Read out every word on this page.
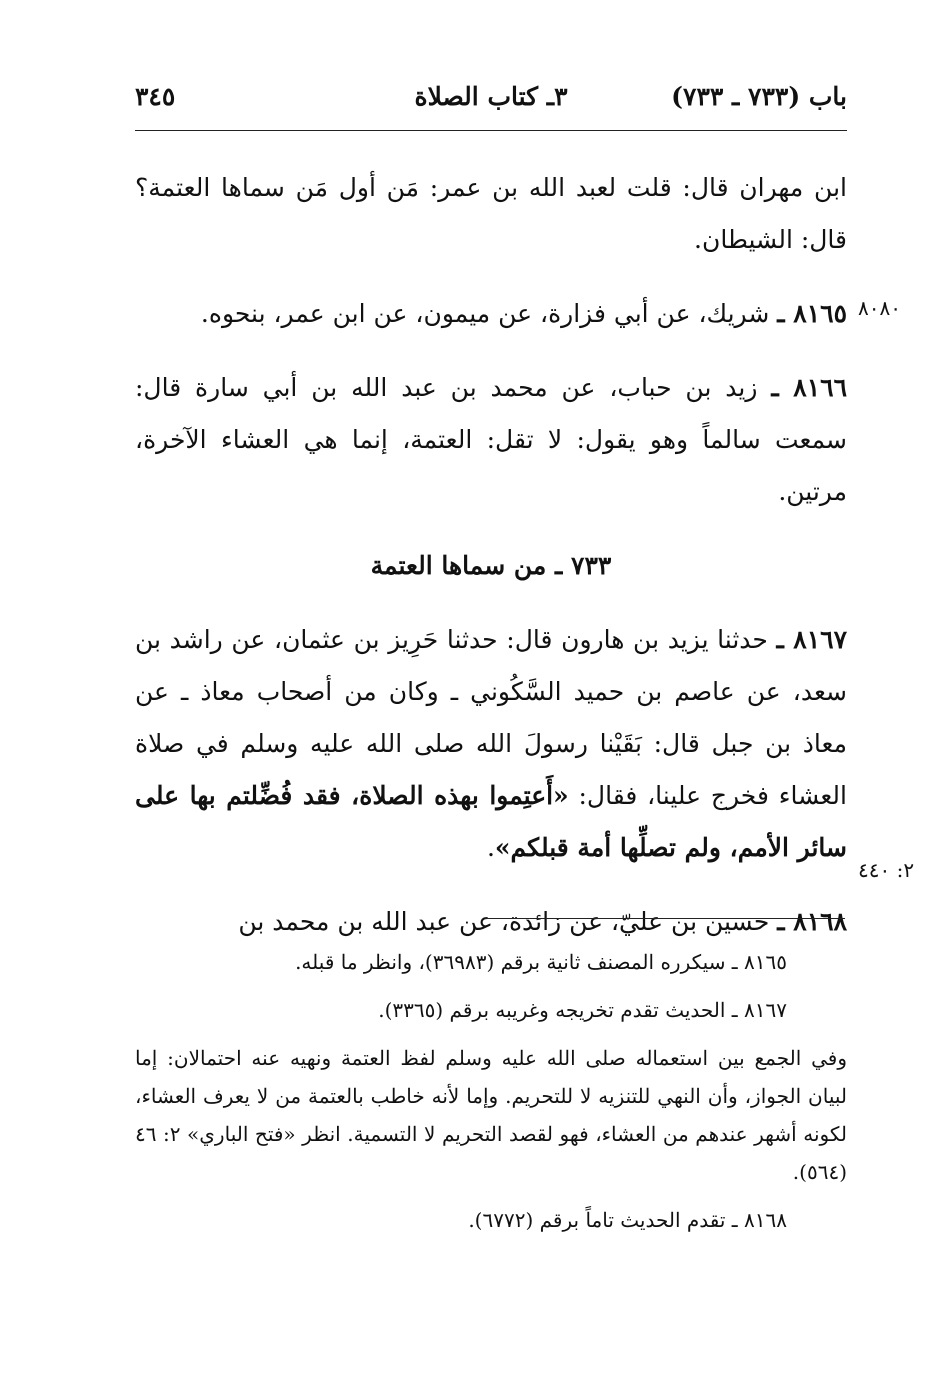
باب (٧٣٣ ـ ٧٣٣)
٣ـ كتاب الصلاة
٣٤٥

ابن مهران قال: قلت لعبد الله بن عمر: مَن أول مَن سماها العتمة؟ قال: الشيطان.

٨١٦٥ ـ شريك، عن أبي فزارة، عن ميمون، عن ابن عمر، بنحوه.

٨١٦٦ ـ زيد بن حباب، عن محمد بن عبد الله بن أبي سارة قال: سمعت سالماً وهو يقول: لا تقل: العتمة، إنما هي العشاء الآخرة، مرتين.

٧٣٣ ـ من سماها العتمة

٨١٦٧ ـ حدثنا يزيد بن هارون قال: حدثنا حَرِيز بن عثمان، عن راشد بن سعد، عن عاصم بن حميد السَّكُوني ـ وكان من أصحاب معاذ ـ عن معاذ بن جبل قال: بَقَيْنا رسولَ الله صلى الله عليه وسلم في صلاة العشاء فخرج علينا، فقال: «أَعتِموا بهذه الصلاة، فقد فُضِّلتم بها على سائر الأمم، ولم تصلِّها أمة قبلكم».

٨١٦٨ ـ حسين بن عليّ، عن زائدة، عن عبد الله بن محمد بن

٨٠٨٠
٢: ٤٤٠

٨١٦٥ ـ سيكرره المصنف ثانية برقم (٣٦٩٨٣)، وانظر ما قبله.

٨١٦٧ ـ الحديث تقدم تخريجه وغريبه برقم (٣٣٦٥).

وفي الجمع بين استعماله صلى الله عليه وسلم لفظ العتمة ونهيه عنه احتمالان: إما لبيان الجواز، وأن النهي للتنزيه لا للتحريم. وإما لأنه خاطب بالعتمة من لا يعرف العشاء، لكونه أشهر عندهم من العشاء، فهو لقصد التحريم لا التسمية. انظر «فتح الباري» ٢: ٤٦ (٥٦٤).

٨١٦٨ ـ تقدم الحديث تاماً برقم (٦٧٧٢).
